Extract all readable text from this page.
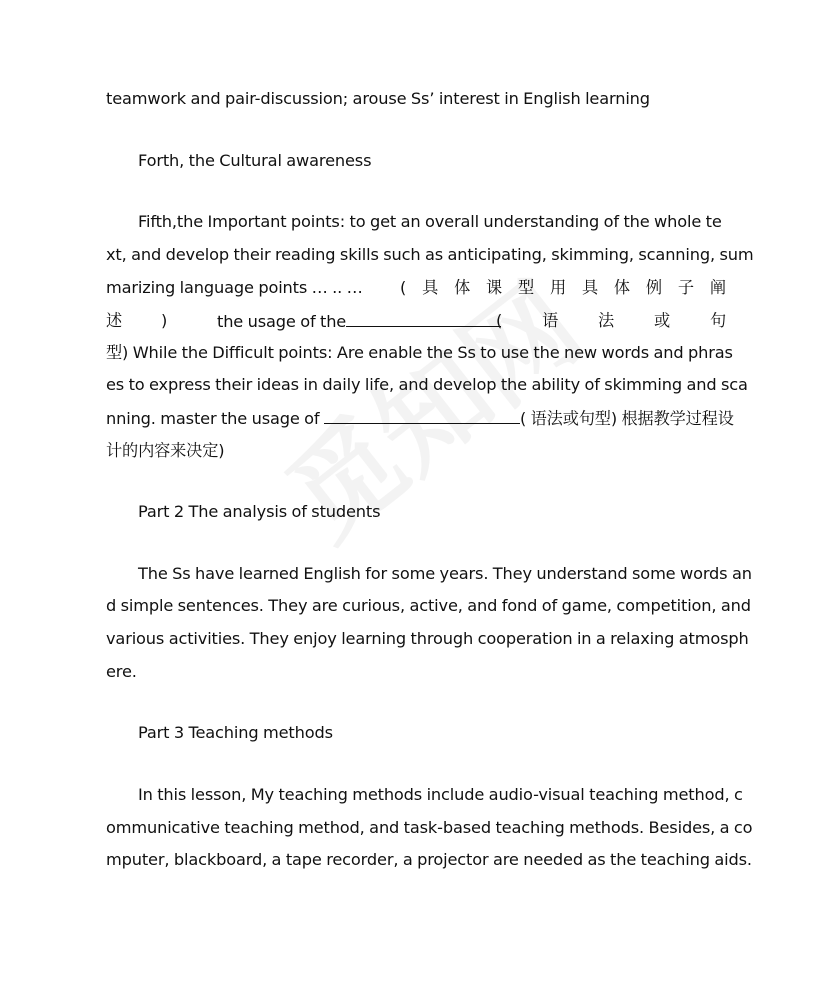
teamwork and pair-discussion; arouse Ss’ interest in English learning
Forth, the Cultural awareness
Fifth,the Important points: to get an overall understanding of the whole te
xt, and develop their reading skills such as anticipating, skimming, scanning, sum
marizing language points … .. … ( 具 体 课 型 用 具 体 例 子 阐
述 )	the usage of the	( 语 法 或 句
型) While the Difficult points: Are enable the Ss to use the new words and phras
es to express their ideas in daily life, and develop the ability of skimming and sca
nning. master the usage of	( 语法或句型) 根据教学过程设
计的内容来决定)
Part 2 The analysis of students
The Ss have learned English for some years. They understand some words an
d simple sentences. They are curious, active, and fond of game, competition, and
various activities. They enjoy learning through cooperation in a relaxing atmosph
ere.
Part 3 Teaching methods
In this lesson, My teaching methods include audio-visual teaching method, c
ommunicative teaching method, and task-based teaching methods. Besides, a co
mputer, blackboard, a tape recorder, a projector are needed as the teaching aids.
